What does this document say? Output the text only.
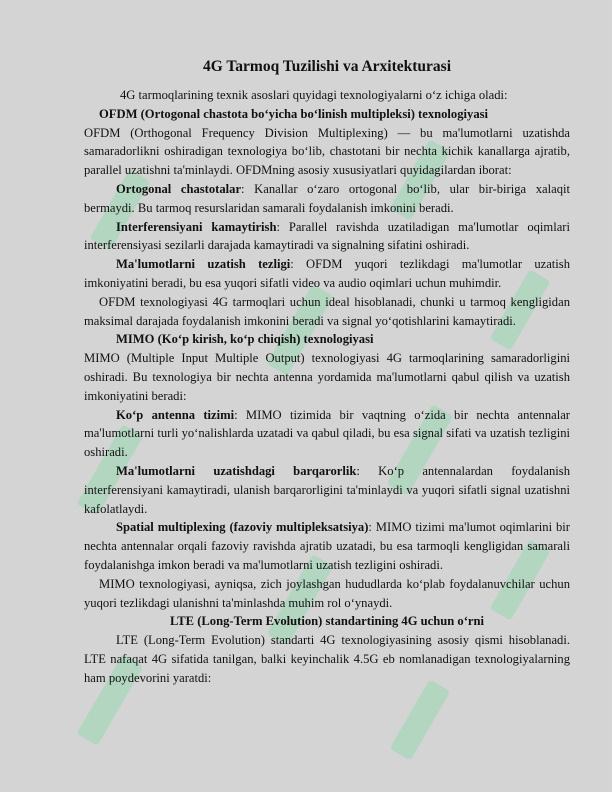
4G Tarmoq Tuzilishi va Arxitekturasi

4G tarmoqlarining texnik asoslari quyidagi texnologiyalarni o‘z ichiga oladi:

OFDM (Ortogonal chastota bo‘yicha bo‘linish multipleksi) texnologiyasi

OFDM (Orthogonal Frequency Division Multiplexing) — bu ma'lumotlarni uzatishda samaradorlikni oshiradigan texnologiya bo‘lib, chastotani bir nechta kichik kanallarga ajratib, parallel uzatishni ta'minlaydi. OFDMning asosiy xususiyatlari quyidagilardan iborat:

Ortogonal chastotalar: Kanallar o‘zaro ortogonal bo‘lib, ular bir-biriga xalaqit bermaydi. Bu tarmoq resurslaridan samarali foydalanish imkonini beradi.

Interferensiyani kamaytirish: Parallel ravishda uzatiladigan ma'lumotlar oqimlari interferensiyasi sezilarli darajada kamaytiradi va signalning sifatini oshiradi.

Ma'lumotlarni uzatish tezligi: OFDM yuqori tezlikdagi ma'lumotlar uzatish imkoniyatini beradi, bu esa yuqori sifatli video va audio oqimlari uchun muhimdir.

OFDM texnologiyasi 4G tarmoqlari uchun ideal hisoblanadi, chunki u tarmoq kengligidan maksimal darajada foydalanish imkonini beradi va signal yo‘qotishlarini kamaytiradi.

MIMO (Ko‘p kirish, ko‘p chiqish) texnologiyasi

MIMO (Multiple Input Multiple Output) texnologiyasi 4G tarmoqlarining samaradorligini oshiradi. Bu texnologiya bir nechta antenna yordamida ma'lumotlarni qabul qilish va uzatish imkoniyatini beradi:

Ko‘p antenna tizimi: MIMO tizimida bir vaqtning o‘zida bir nechta antennalar ma'lumotlarni turli yo‘nalishlarda uzatadi va qabul qiladi, bu esa signal sifati va uzatish tezligini oshiradi.

Ma'lumotlarni uzatishdagi barqarorlik: Ko‘p antennalardan foydalanish interferensiyani kamaytiradi, ulanish barqarorligini ta'minlaydi va yuqori sifatli signal uzatishni kafolatlaydi.

Spatial multiplexing (fazoviy multipleksatsiya): MIMO tizimi ma'lumot oqimlarini bir nechta antennalar orqali fazoviy ravishda ajratib uzatadi, bu esa tarmoqli kengligidan samarali foydalanishga imkon beradi va ma'lumotlarni uzatish tezligini oshiradi.

MIMO texnologiyasi, ayniqsa, zich joylashgan hududlarda ko‘plab foydalanuvchilar uchun yuqori tezlikdagi ulanishni ta'minlashda muhim rol o‘ynaydi.

LTE (Long-Term Evolution) standartining 4G uchun o‘rni

LTE (Long-Term Evolution) standarti 4G texnologiyasining asosiy qismi hisoblanadi. LTE nafaqat 4G sifatida tanilgan, balki keyinchalik 4.5G eb nomlanadigan texnologiyalarning ham poydevorini yaratdi:
